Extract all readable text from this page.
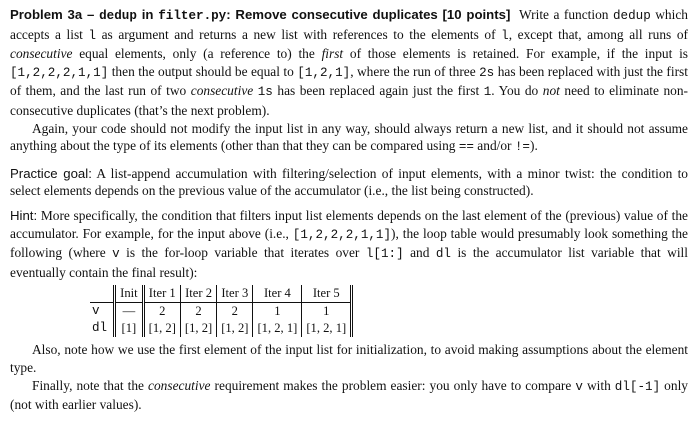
Problem 3a – dedup in filter.py: Remove consecutive duplicates [10 points] Write a function dedup which accepts a list l as argument and returns a new list with references to the elements of l, except that, among all runs of consecutive equal elements, only (a reference to) the first of those elements is retained. For example, if the input is [1,2,2,2,1,1] then the output should be equal to [1,2,1], where the run of three 2s has been replaced with just the first of them, and the last run of two consecutive 1s has been replaced again just the first 1. You do not need to eliminate non-consecutive duplicates (that’s the next problem).

Again, your code should not modify the input list in any way, should always return a new list, and it should not assume anything about the type of its elements (other than that they can be compared using == and/or !=).

Practice goal: A list-append accumulation with filtering/selection of input elements, with a minor twist: the condition to select elements depends on the previous value of the accumulator (i.e., the list being constructed).

Hint: More specifically, the condition that filters input list elements depends on the last element of the (previous) value of the accumulator. For example, for the input above (i.e., [1,2,2,2,1,1]), the loop table would presumably look something the following (where v is the for-loop variable that iterates over l[1:] and dl is the accumulator list variable that will eventually contain the final result):

	Init	Iter 1	Iter 2	Iter 3	Iter 4	Iter 5
v	—	2	2	2	1	1
dl	[1]	[1, 2]	[1, 2]	[1, 2]	[1, 2, 1]	[1, 2, 1]

Also, note how we use the first element of the input list for initialization, to avoid making assumptions about the element type.

Finally, note that the consecutive requirement makes the problem easier: you only have to compare v with dl[-1] only (not with earlier values).
